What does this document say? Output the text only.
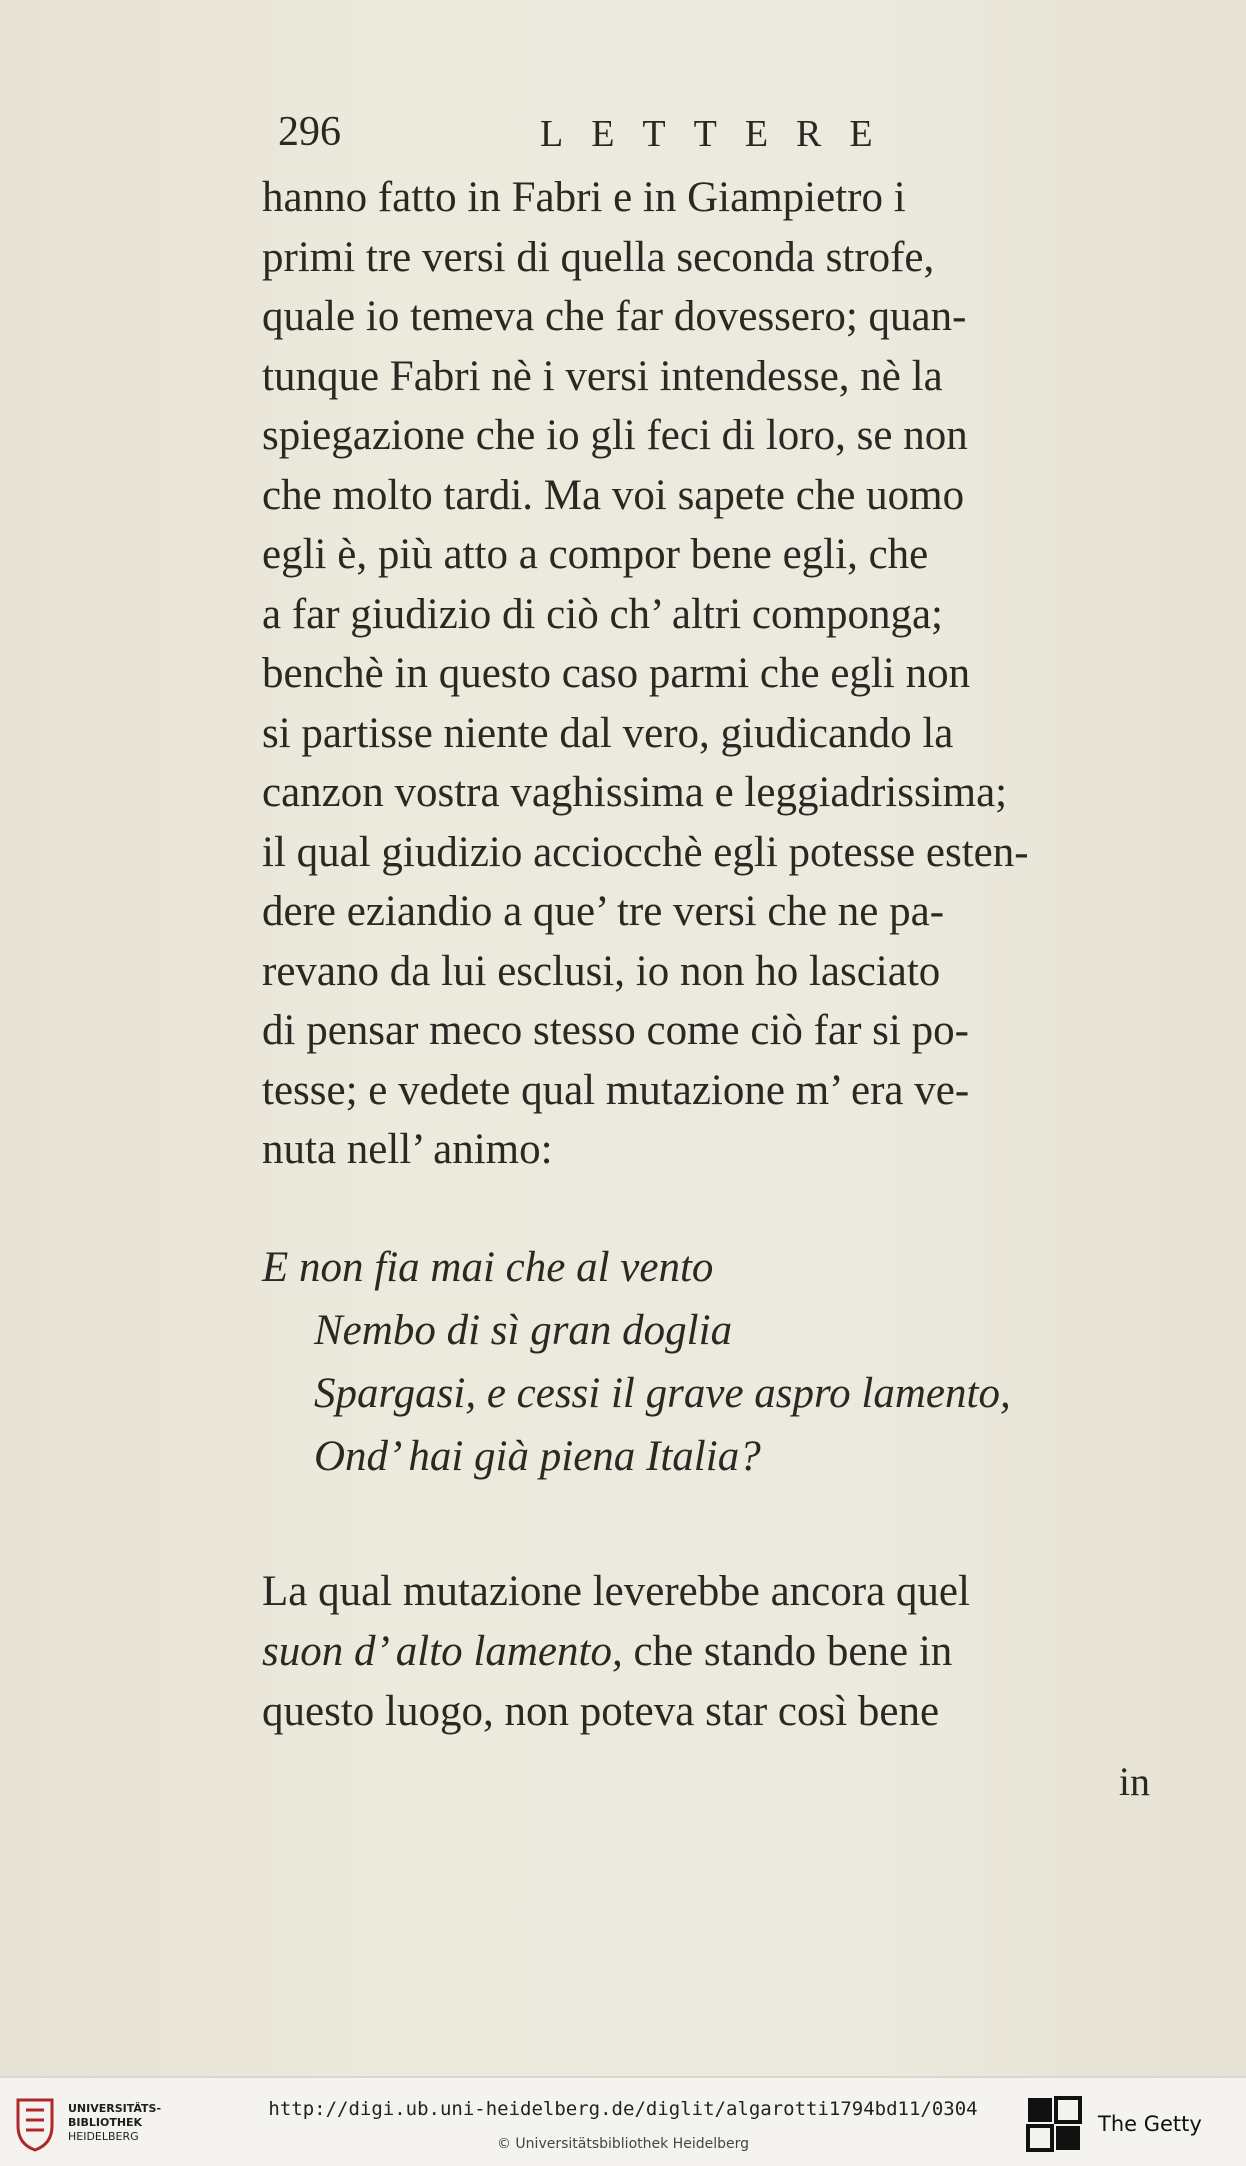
296	LETTERE
hanno fatto in Fabri e in Giampietro i
primi tre versi di quella seconda strofe,
quale io temeva che far dovessero; quan-
tunque Fabri nè i versi intendesse, nè la
spiegazione che io gli feci di loro, se non
che molto tardi. Ma voi sapete che uomo
egli è, più atto a compor bene egli, che
a far giudizio di ciò ch’ altri componga;
benchè in questo caso parmi che egli non
si partisse niente dal vero, giudicando la
canzon vostra vaghissima e leggiadrissima;
il qual giudizio acciocchè egli potesse esten-
dere eziandio a que’ tre versi che ne pa-
revano da lui esclusi, io non ho lasciato
di pensar meco stesso come ciò far si po-
tesse; e vedete qual mutazione m’ era ve-
nuta nell’ animo:
E non fia mai che al vento
Nembo di sì gran doglia
Spargasi, e cessi il grave aspro lamento,
Ond’ hai già piena Italia?
La qual mutazione leverebbe ancora quel
suon d’ alto lamento, che stando bene in
questo luogo, non poteva star così bene
in
UNIVERSITÄTS-
BIBLIOTHEK
HEIDELBERG
http://digi.ub.uni-heidelberg.de/diglit/algarotti1794bd11/0304
© Universitätsbibliothek Heidelberg
The Getty
